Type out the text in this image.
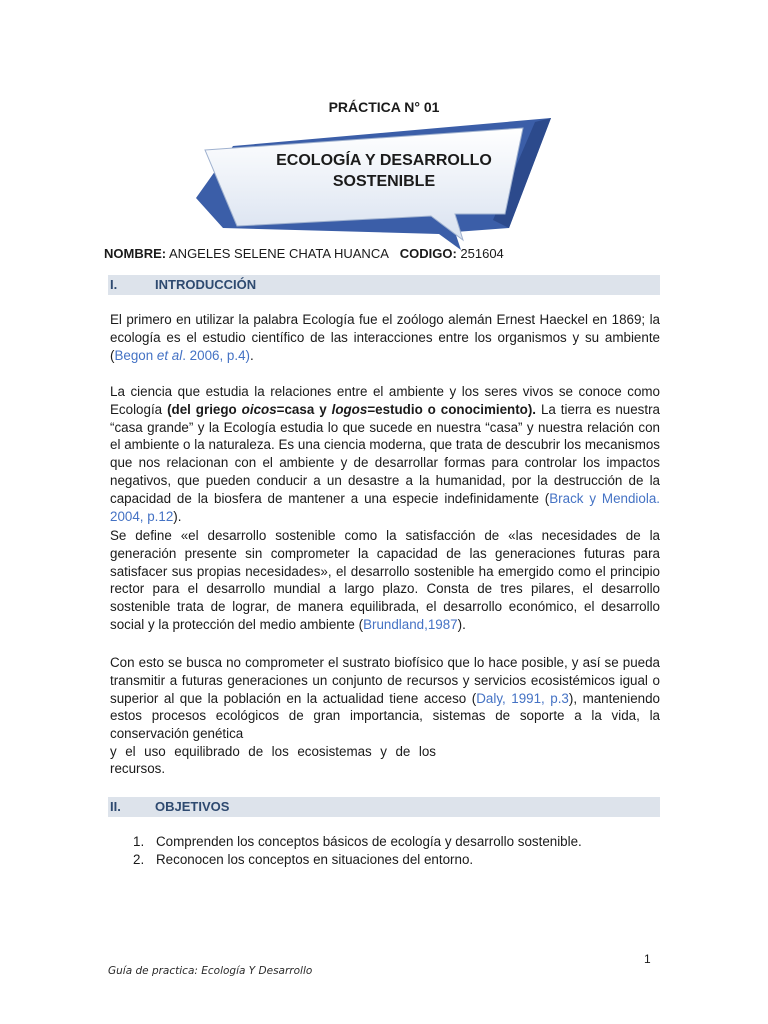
PRÁCTICA N° 01
ECOLOGÍA Y DESARROLLO
SOSTENIBLE
NOMBRE: ANGELES SELENE CHATA HUANCA CODIGO: 251604
I.	INTRODUCCIÓN
El primero en utilizar la palabra Ecología fue el zoólogo alemán Ernest Haeckel en 1869; la ecología es el estudio científico de las interacciones entre los organismos y su ambiente (Begon et al. 2006, p.4).
La ciencia que estudia la relaciones entre el ambiente y los seres vivos se conoce como Ecología (del griego oicos=casa y logos=estudio o conocimiento). La tierra es nuestra “casa grande” y la Ecología estudia lo que sucede en nuestra “casa” y nuestra relación con el ambiente o la naturaleza. Es una ciencia moderna, que trata de descubrir los mecanismos que nos relacionan con el ambiente y de desarrollar formas para controlar los impactos negativos, que pueden conducir a un desastre a la humanidad, por la destrucción de la capacidad de la biosfera de mantener a una especie indefinidamente (Brack y Mendiola. 2004, p.12).
Se define «el desarrollo sostenible como la satisfacción de «las necesidades de la generación presente sin comprometer la capacidad de las generaciones futuras para satisfacer sus propias necesidades», el desarrollo sostenible ha emergido como el principio rector para el desarrollo mundial a largo plazo. Consta de tres pilares, el desarrollo sostenible trata de lograr, de manera equilibrada, el desarrollo económico, el desarrollo social y la protección del medio ambiente (Brundland,1987).
Con esto se busca no comprometer el sustrato biofísico que lo hace posible, y así se pueda transmitir a futuras generaciones un conjunto de recursos y servicios ecosistémicos igual o superior al que la población en la actualidad tiene acceso (Daly, 1991, p.3), manteniendo estos procesos ecológicos de gran importancia, sistemas de soporte a la vida, la conservación genética
y el uso equilibrado de los ecosistemas y de los
recursos.
II.	OBJETIVOS
1. Comprenden los conceptos básicos de ecología y desarrollo sostenible.
2. Reconocen los conceptos en situaciones del entorno.
1
Guía de practica: Ecología Y Desarrollo
